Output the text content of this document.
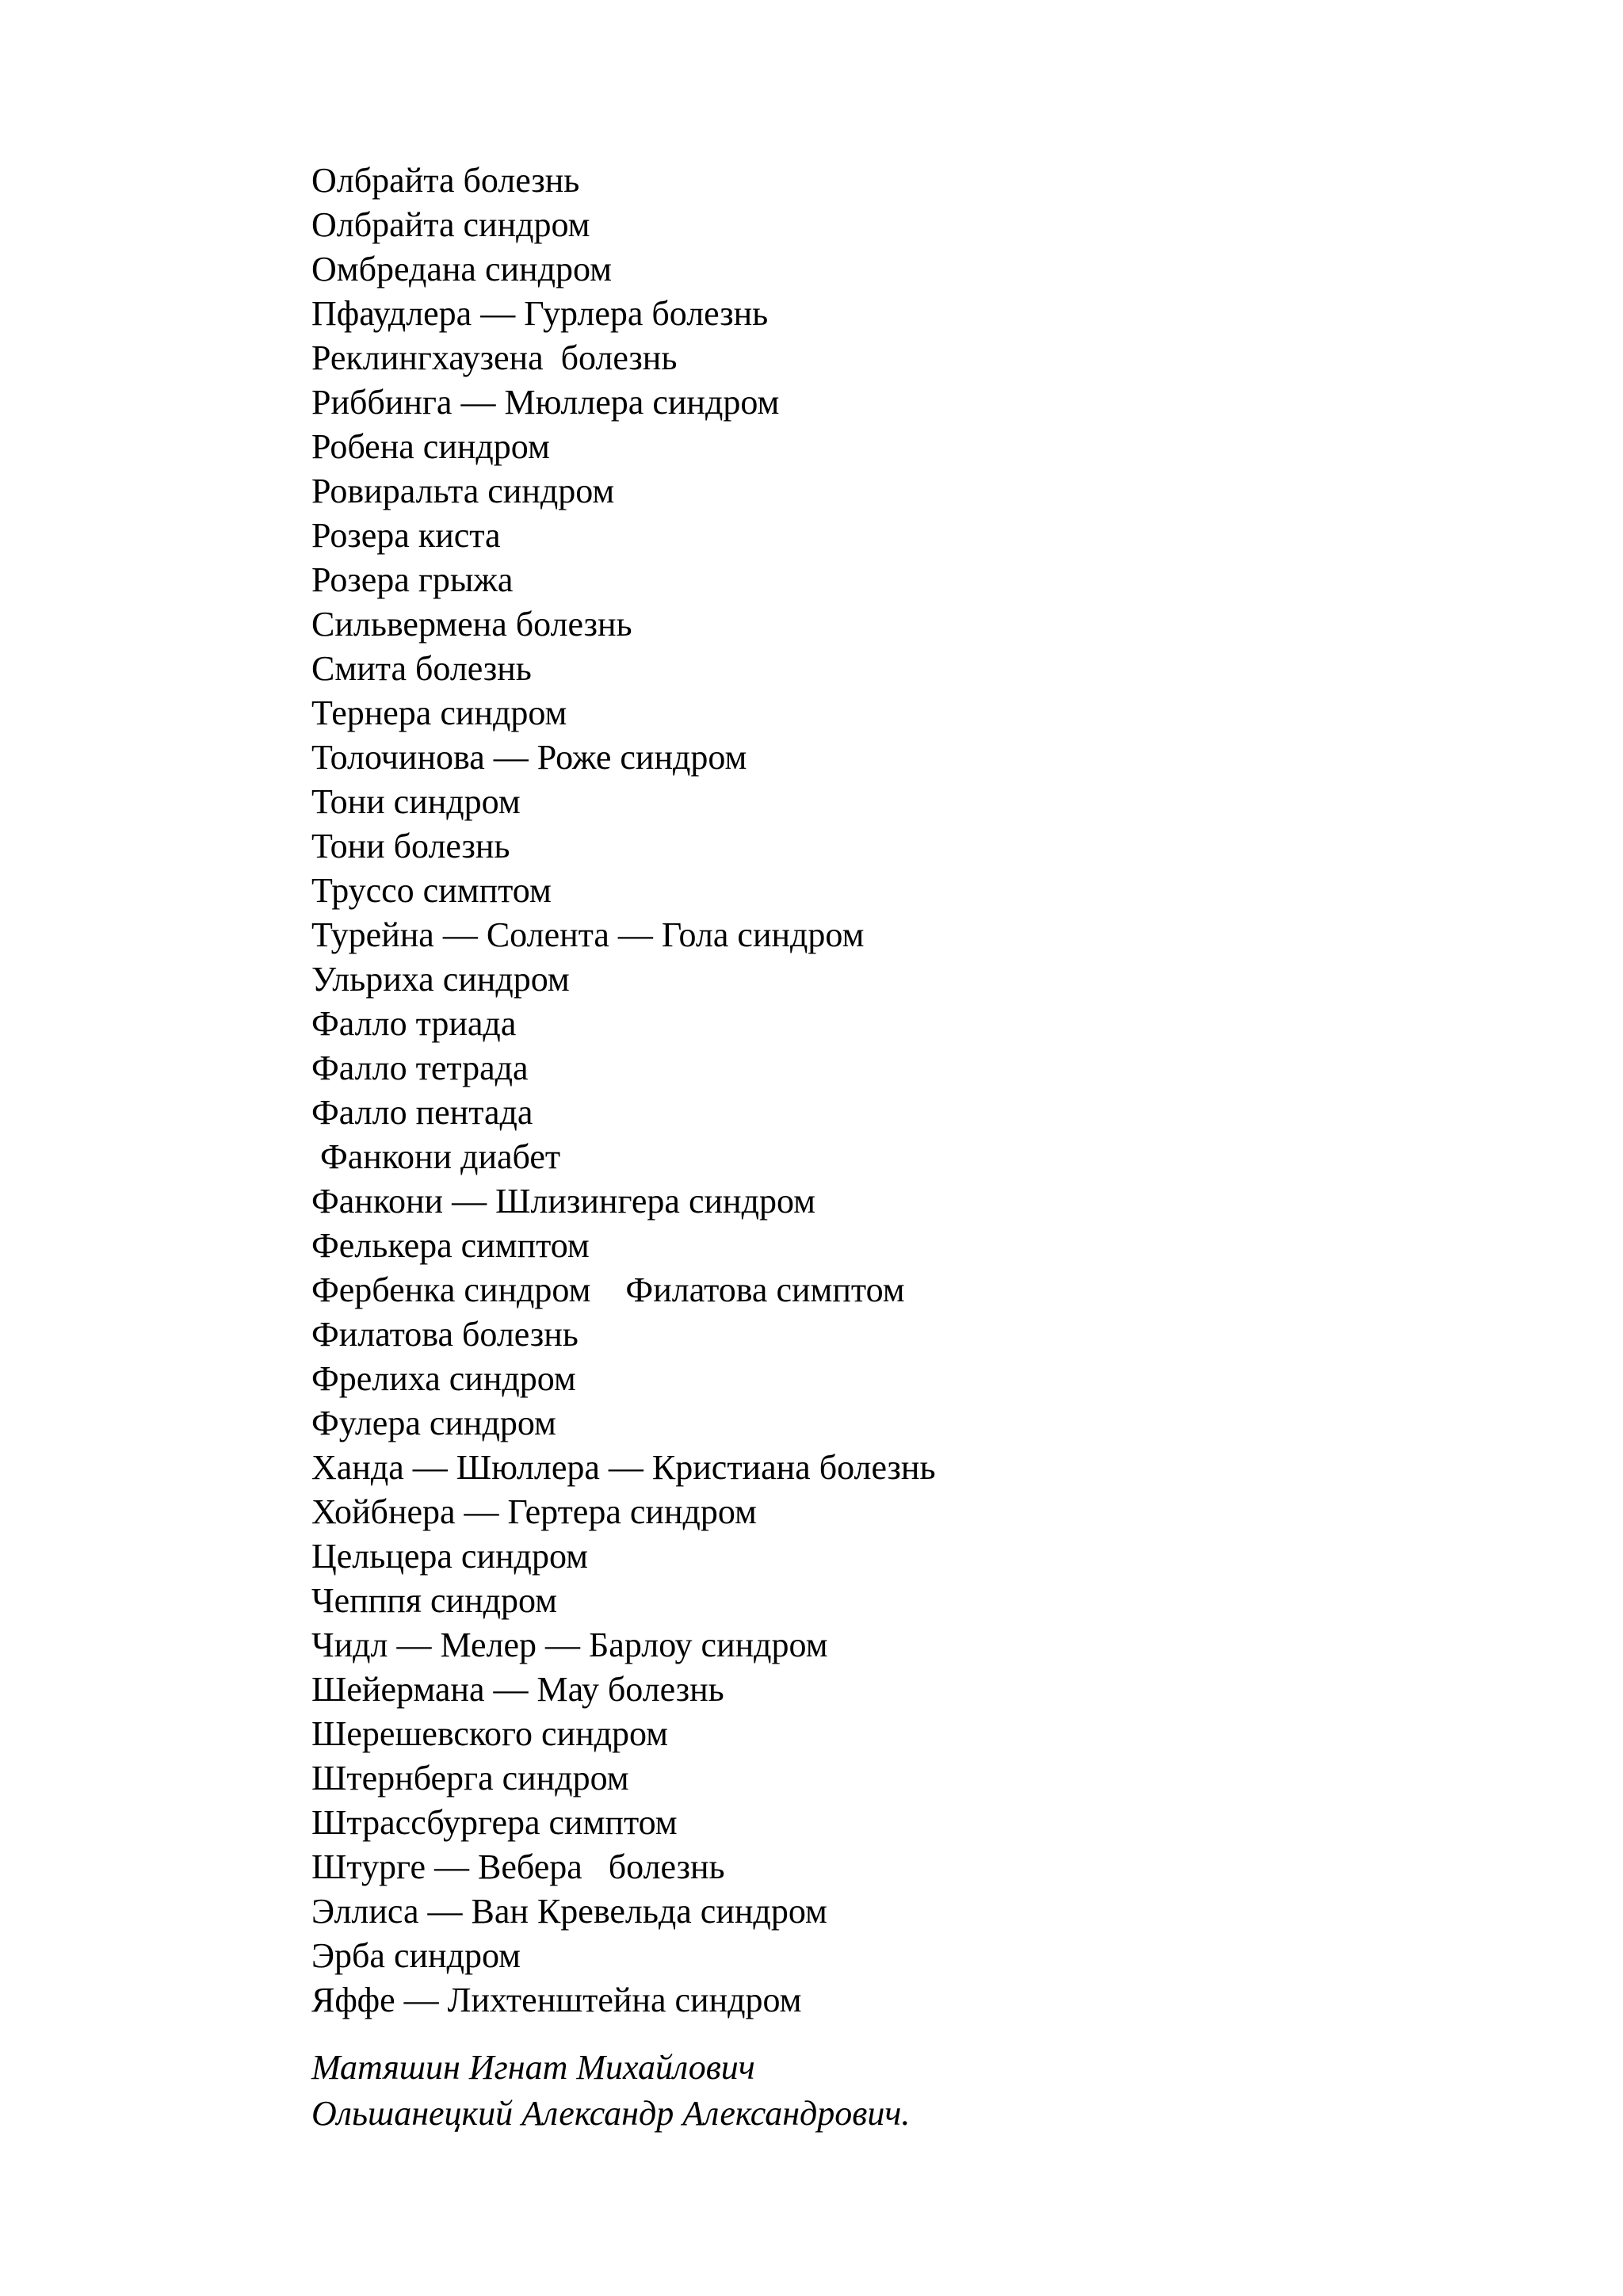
Олбрайта болезнь
Олбрайта синдром
Омбредана синдром
Пфаудлера — Гурлера болезнь
Реклингхаузена  болезнь
Риббинга — Мюллера синдром
Робена синдром
Ровиральта синдром
Розера киста
Розера грыжа
Сильвермена болезнь
Смита болезнь
Тернера синдром
Толочинова — Роже синдром
Тони синдром
Тони болезнь
Труссо симптом
Турейна — Солента — Гола синдром
Ульриха синдром
Фалло триада
Фалло тетрада
Фалло пентада
Фанкони диабет
Фанкони — Шлизингера синдром
Фелькера симптом
Фербенка синдром    Филатова симптом
Филатова болезнь
Фрелиха синдром
Фулера синдром
Ханда — Шюллера — Кристиана болезнь
Хойбнера — Гертера синдром
Цельцера синдром
Чепппя синдром
Чидл — Мелер — Барлоу синдром
Шейермана — Мау болезнь
Шерешевского синдром
Штернберга синдром
Штрассбургера симптом
Штурге — Вебера   болезнь
Эллиса — Ван Кревельда синдром
Эрба синдром
Яффе — Лихтенштейна синдром
Матяшин Игнат Михайлович
Ольшанецкий Александр Александрович.
